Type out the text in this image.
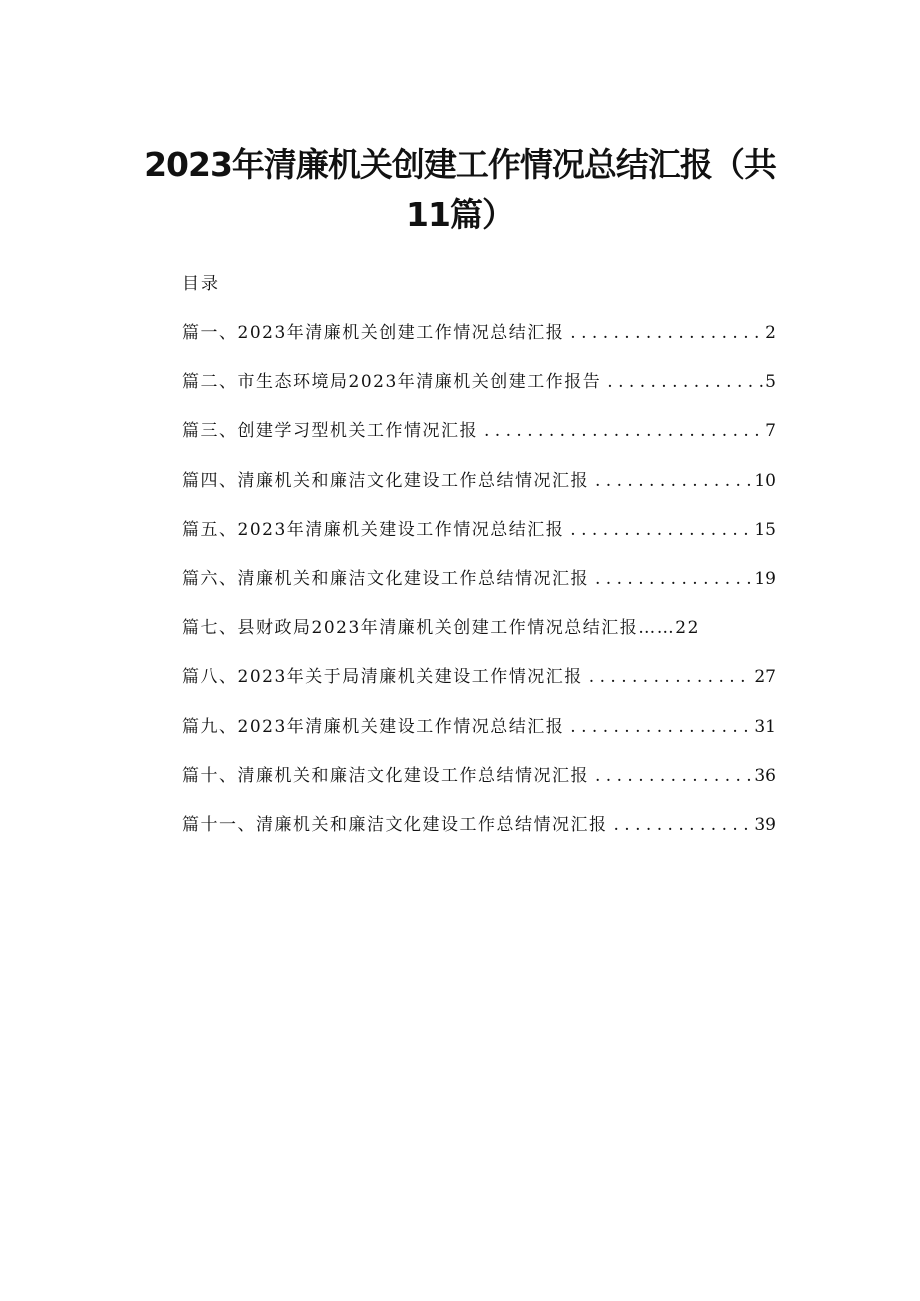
2023年清廉机关创建工作情况总结汇报（共11篇）
目录
篇一、2023年清廉机关创建工作情况总结汇报 . . .	2
篇二、市生态环境局2023年清廉机关创建工作报告 . . .	5
篇三、创建学习型机关工作情况汇报 . . .	7
篇四、清廉机关和廉洁文化建设工作总结情况汇报 . . .	10
篇五、2023年清廉机关建设工作情况总结汇报 . . .	15
篇六、清廉机关和廉洁文化建设工作总结情况汇报 . . .	19
篇七、县财政局2023年清廉机关创建工作情况总结汇报……22
篇八、2023年关于局清廉机关建设工作情况汇报 . . .	27
篇九、2023年清廉机关建设工作情况总结汇报 . . .	31
篇十、清廉机关和廉洁文化建设工作总结情况汇报 . . .	36
篇十一、清廉机关和廉洁文化建设工作总结情况汇报 . . .	39
